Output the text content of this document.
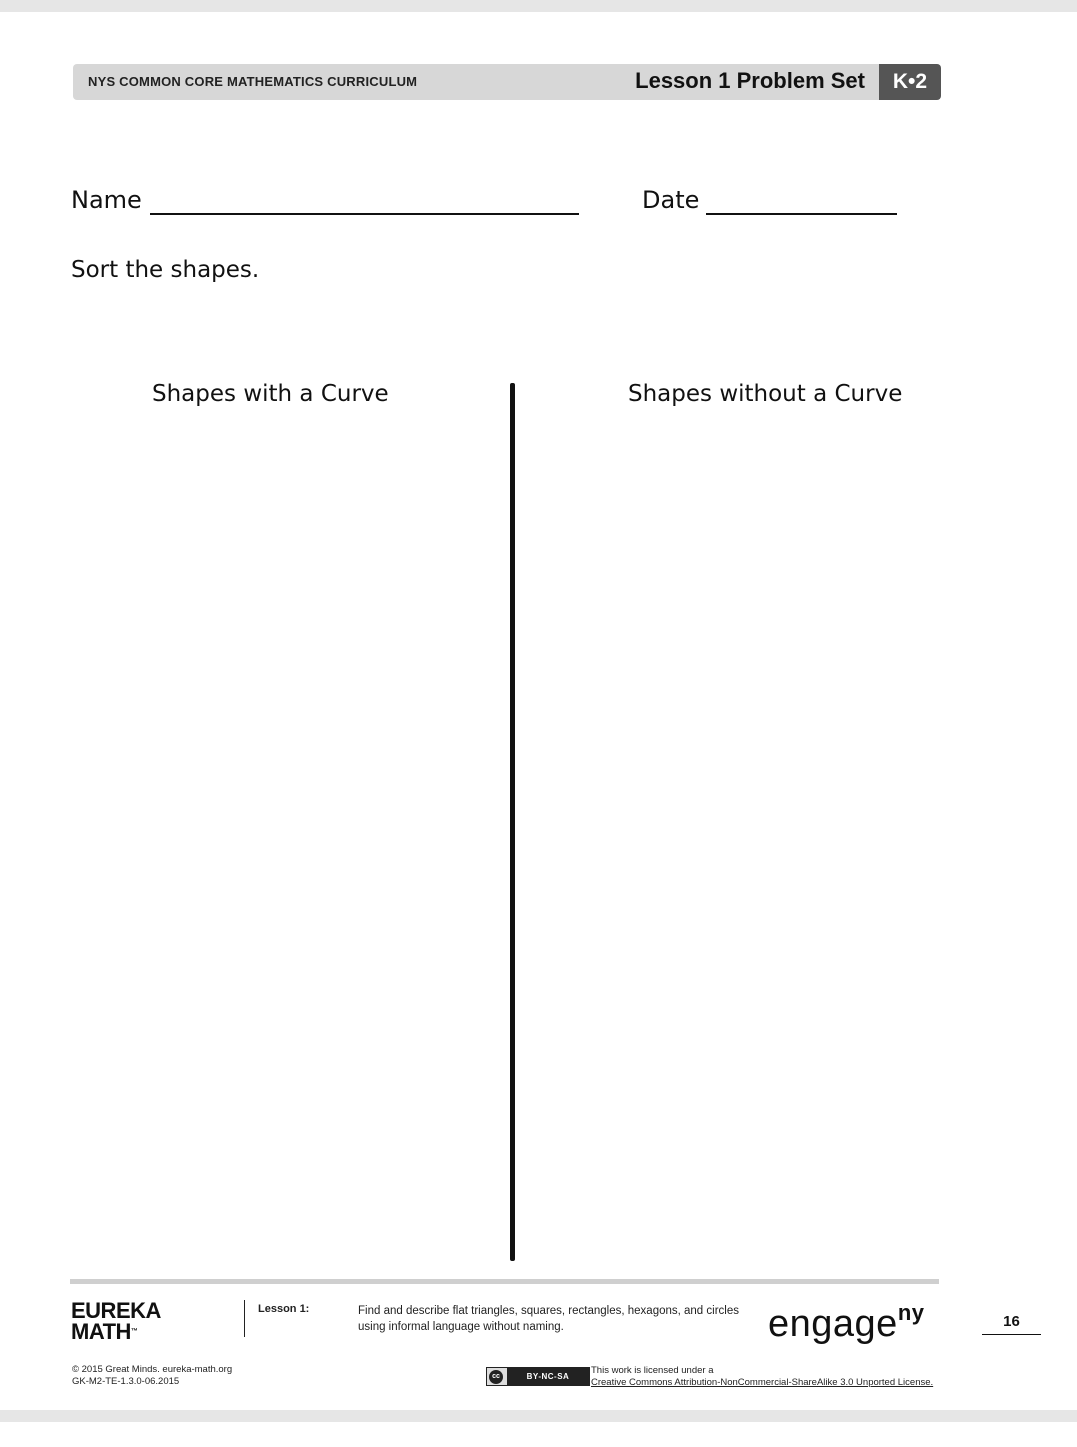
NYS COMMON CORE MATHEMATICS CURRICULUM	Lesson 1 Problem Set	K•2
Name	Date
Sort the shapes.
Shapes with a Curve	Shapes without a Curve
EUREKA
MATH™
Lesson 1:	Find and describe flat triangles, squares, rectangles, hexagons, and circles using informal language without naming.	engage$^{ny}$	16
© 2015 Great Minds. eureka-math.org
GK-M2-TE-1.3.0-06.2015	cc	BY-NC-SA
This work is licensed under a
Creative Commons Attribution-NonCommercial-ShareAlike 3.0 Unported License.
